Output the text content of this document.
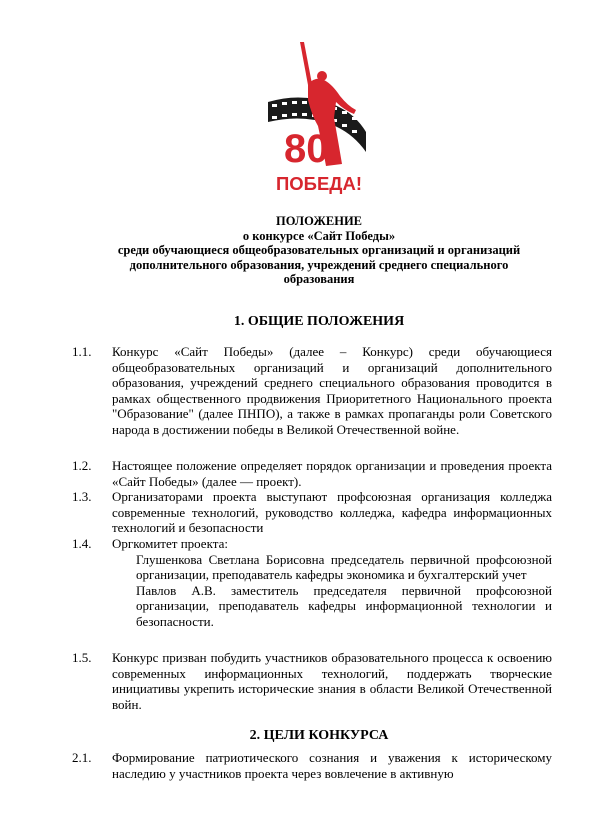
80
ПОБЕДА!
ПОЛОЖЕНИЕ
о конкурсе «Сайт Победы»
среди обучающиеся общеобразовательных организаций и организаций
дополнительного образования, учреждений среднего специального
образования
1. ОБЩИЕ ПОЛОЖЕНИЯ
1.1.	Конкурс «Сайт Победы» (далее – Конкурс) среди обучающиеся общеобразовательных организаций и организаций дополнительного образования, учреждений среднего специального образования проводится в рамках общественного продвижения Приоритетного Национального проекта "Образование" (далее ПНПО), а также в рамках пропаганды роли Советского народа в достижении победы в Великой Отечественной войне.
1.2.	Настоящее положение определяет порядок организации и проведения проекта «Сайт Победы» (далее — проект).
1.3.	Организаторами проекта выступают профсоюзная организация колледжа современные технологий, руководство колледжа, кафедра информационных технологий и безопасности
1.4.	Оргкомитет проекта:
Глушенкова Светлана Борисовна председатель первичной профсоюзной организации, преподаватель кафедры экономика и бухгалтерский учет
Павлов А.В. заместитель председателя первичной профсоюзной организации, преподаватель кафедры информационной технологии и безопасности.
1.5.	Конкурс призван побудить участников образовательного процесса к освоению современных информационных технологий, поддержать творческие инициативы укрепить исторические знания в области Великой Отечественной войн.
2. ЦЕЛИ КОНКУРСА
2.1.	Формирование патриотического сознания и уважения к историческому наследию у участников проекта через вовлечение в активную
